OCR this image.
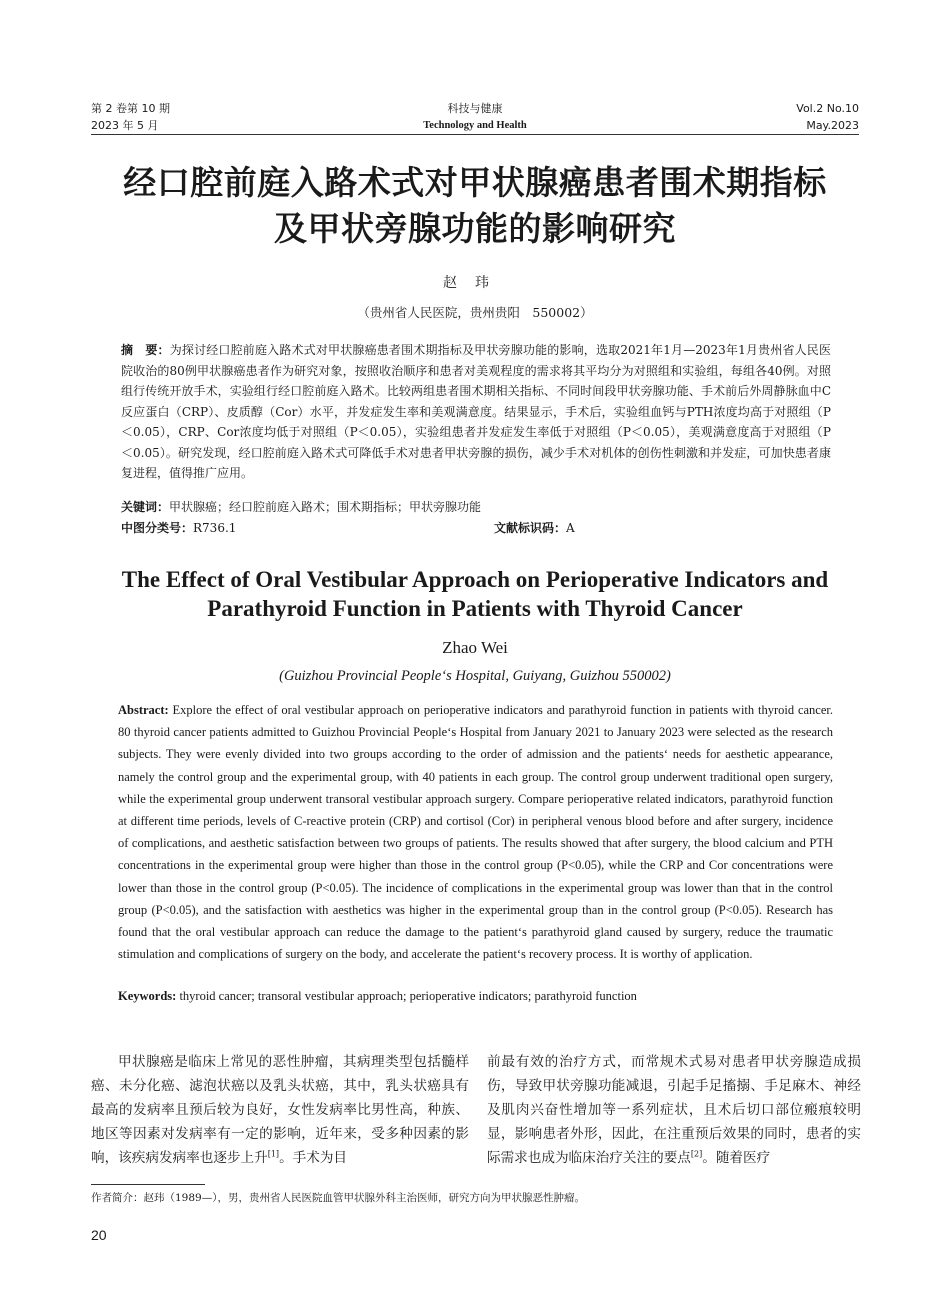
第 2 卷第 10 期
2023 年 5 月
科技与健康
Technology and Health
Vol.2 No.10
May.2023
经口腔前庭入路术式对甲状腺癌患者围术期指标
及甲状旁腺功能的影响研究
赵玮
（贵州省人民医院，贵州贵阳　550002）
摘　要：为探讨经口腔前庭入路术式对甲状腺癌患者围术期指标及甲状旁腺功能的影响，选取2021年1月—2023年1月贵州省人民医院收治的80例甲状腺癌患者作为研究对象，按照收治顺序和患者对美观程度的需求将其平均分为对照组和实验组，每组各40例。对照组行传统开放手术，实验组行经口腔前庭入路术。比较两组患者围术期相关指标、不同时间段甲状旁腺功能、手术前后外周静脉血中C反应蛋白（CRP）、皮质醇（Cor）水平，并发症发生率和美观满意度。结果显示，手术后，实验组血钙与PTH浓度均高于对照组（P＜0.05），CRP、Cor浓度均低于对照组（P＜0.05），实验组患者并发症发生率低于对照组（P＜0.05），美观满意度高于对照组（P＜0.05）。研究发现，经口腔前庭入路术式可降低手术对患者甲状旁腺的损伤，减少手术对机体的创伤性刺激和并发症，可加快患者康复进程，值得推广应用。
关键词：甲状腺癌；经口腔前庭入路术；围术期指标；甲状旁腺功能
中图分类号：R736.1	文献标识码：A
The Effect of Oral Vestibular Approach on Perioperative Indicators and
Parathyroid Function in Patients with Thyroid Cancer
Zhao Wei
(Guizhou Provincial People‘s Hospital, Guiyang, Guizhou 550002)
Abstract: Explore the effect of oral vestibular approach on perioperative indicators and parathyroid function in patients with thyroid cancer. 80 thyroid cancer patients admitted to Guizhou Provincial People‘s Hospital from January 2021 to January 2023 were selected as the research subjects. They were evenly divided into two groups according to the order of admission and the patients‘ needs for aesthetic appearance, namely the control group and the experimental group, with 40 patients in each group. The control group underwent traditional open surgery, while the experimental group underwent transoral vestibular approach surgery. Compare perioperative related indicators, parathyroid function at different time periods, levels of C-reactive protein (CRP) and cortisol (Cor) in peripheral venous blood before and after surgery, incidence of complications, and aesthetic satisfaction between two groups of patients. The results showed that after surgery, the blood calcium and PTH concentrations in the experimental group were higher than those in the control group (P<0.05), while the CRP and Cor concentrations were lower than those in the control group (P<0.05). The incidence of complications in the experimental group was lower than that in the control group (P<0.05), and the satisfaction with aesthetics was higher in the experimental group than in the control group (P<0.05). Research has found that the oral vestibular approach can reduce the damage to the patient‘s parathyroid gland caused by surgery, reduce the traumatic stimulation and complications of surgery on the body, and accelerate the patient‘s recovery process. It is worthy of application.
Keywords: thyroid cancer; transoral vestibular approach; perioperative indicators; parathyroid function
甲状腺癌是临床上常见的恶性肿瘤，其病理类型包括髓样癌、未分化癌、滤泡状癌以及乳头状癌，其中，乳头状癌具有最高的发病率且预后较为良好，女性发病率比男性高，种族、地区等因素对发病率有一定的影响，近年来，受多种因素的影响，该疾病发病率也逐步上升[1]。手术为目
前最有效的治疗方式，而常规术式易对患者甲状旁腺造成损伤，导致甲状旁腺功能减退，引起手足搐搦、手足麻木、神经及肌肉兴奋性增加等一系列症状，且术后切口部位瘢痕较明显，影响患者外形，因此，在注重预后效果的同时，患者的实际需求也成为临床治疗关注的要点[2]。随着医疗
作者简介：赵玮（1989—），男，贵州省人民医院血管甲状腺外科主治医师，研究方向为甲状腺恶性肿瘤。
20
